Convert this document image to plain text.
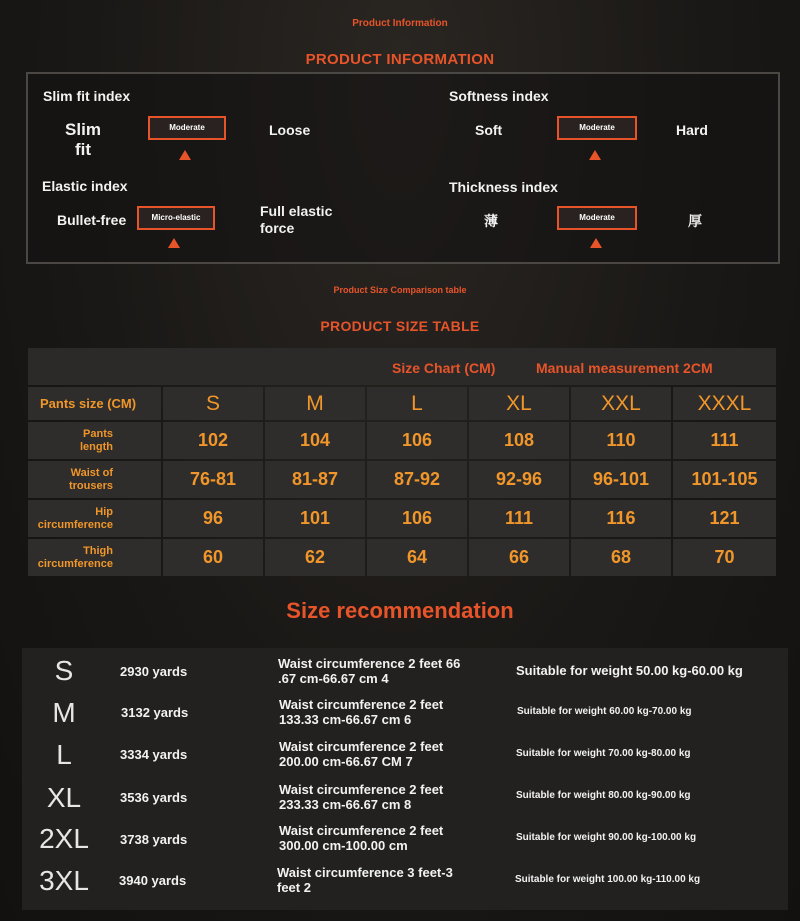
Product Information
PRODUCT INFORMATION
Slim fit index
Slim
fit
Moderate	Loose
Softness index
Soft	Moderate	Hard
Elastic index
Bullet-free	Micro-elastic	Full elastic
force
Thickness index
薄	Moderate	厚
Product Size Comparison table
PRODUCT SIZE TABLE
Size Chart (CM)	Manual measurement 2CM
Pants size (CM)	S	M	L	XL	XXL	XXXL
Pants
length	102	104	106	108	110	111
Waist of
trousers	76-81	81-87	87-92	92-96	96-101	101-105
Hip
circumference	96	101	106	111	116	121
Thigh
circumference	60	62	64	66	68	70
Size recommendation
S	2930 yards
Waist circumference 2 feet 66
.67 cm-66.67 cm 4
Suitable for weight 50.00 kg-60.00 kg
M	3132 yards
Waist circumference 2 feet
133.33 cm-66.67 cm 6
Suitable for weight 60.00 kg-70.00 kg
L	3334 yards
Waist circumference 2 feet
200.00 cm-66.67 CM 7
Suitable for weight 70.00 kg-80.00 kg
XL	3536 yards
Waist circumference 2 feet
233.33 cm-66.67 cm 8
Suitable for weight 80.00 kg-90.00 kg
2XL	3738 yards
Waist circumference 2 feet
300.00 cm-100.00 cm
Suitable for weight 90.00 kg-100.00 kg
3XL	3940 yards
Waist circumference 3 feet-3
feet 2
Suitable for weight 100.00 kg-110.00 kg
